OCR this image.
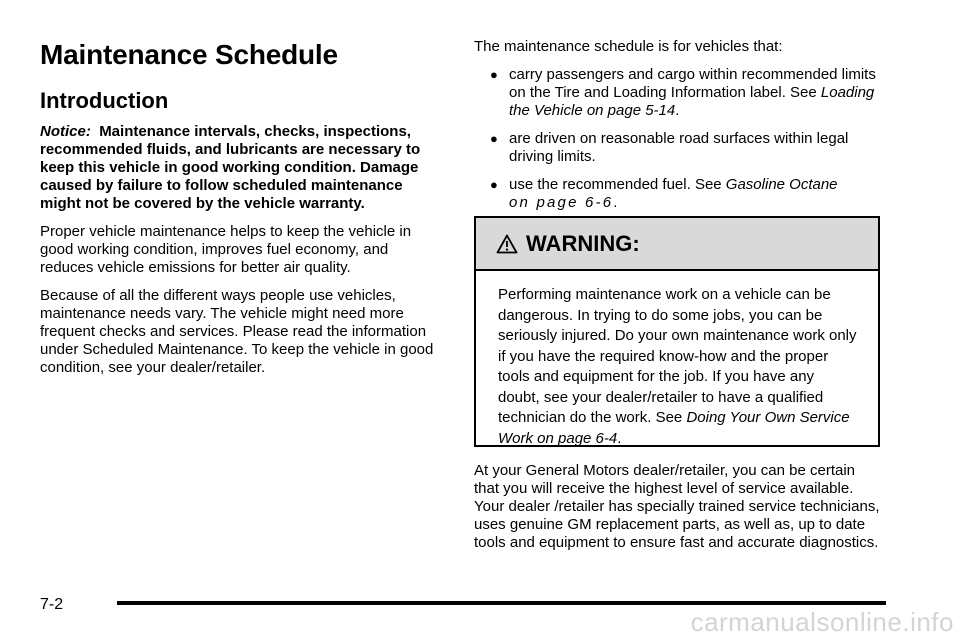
Maintenance Schedule
Introduction

Notice: Maintenance intervals, checks, inspections, recommended fluids, and lubricants are necessary to keep this vehicle in good working condition. Damage caused by failure to follow scheduled maintenance might not be covered by the vehicle warranty.

Proper vehicle maintenance helps to keep the vehicle in good working condition, improves fuel economy, and reduces vehicle emissions for better air quality.

Because of all the different ways people use vehicles, maintenance needs vary. The vehicle might need more frequent checks and services. Please read the information under Scheduled Maintenance. To keep the vehicle in good condition, see your dealer/retailer.

The maintenance schedule is for vehicles that:

● carry passengers and cargo within recommended limits on the Tire and Loading Information label. See Loading the Vehicle on page 5-14.
● are driven on reasonable road surfaces within legal driving limits.
● use the recommended fuel. See Gasoline Octane
on page 6-6.
WARNING:
Performing maintenance work on a vehicle can be dangerous. In trying to do some jobs, you can be seriously injured. Do your own maintenance work only if you have the required know-how and the proper tools and equipment for the job. If you have any doubt, see your dealer/retailer to have a qualified technician do the work. See Doing Your Own Service Work on page 6-4.

At your General Motors dealer/retailer, you can be certain that you will receive the highest level of service available. Your dealer /retailer has specially trained service technicians, uses genuine GM replacement parts, as well as, up to date tools and equipment to ensure fast and accurate diagnostics.

7-2
carmanualsonline.info
